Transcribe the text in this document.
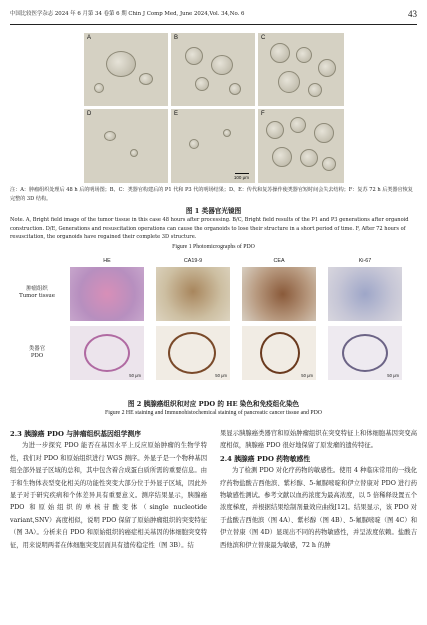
中国比较医学杂志 2024 年 6 月第 34 卷第 6 期 Chin J Comp Med, June 2024,Vol. 34,No. 6	43
A	B	C
D	E
100 μm
F
注：A：肿瘤组织处理后 48 h 后的明场图；B、C：类器官构建后的 P1 代和 P3 代的明场结果；D、E：传代和复苏操作使类器官短时间会失去结构；F：复苏 72 h 后类器官恢复完整的 3D 结构。
图 1 类器官光镜图
Note. A, Bright field image of the tumor tissue in this case 48 hours after processing. B/C, Bright field results of the P1 and P3 generations after organoid construction. D/E, Generations and resuscitation operations can cause the organoids to lose their structure in a short period of time. F, After 72 hours of resuscitation, the organoids have regained their complete 3D structure.
Figure 1 Photomicrographs of PDO
HE	CA19-9	CEA	Ki-67
肿瘤组织
Tumor tissue
类器官
PDO
50 μm	50 μm	50 μm	50 μm
图 2 胰腺癌组织和对应 PDO 的 HE 染色和免疫组化染色
Figure 2 HE staining and Immunohistochemical staining of pancreatic cancer tissue and PDO

2.3 胰腺癌 PDO 与肿瘤组织基因组学测序

为进一步探究 PDO 能否在基因水平上反应原始肿瘤的生物学特性，我们对 PDO 和原始组织进行 WGS 测序。外显子是一个物种基因组全部外显子区域的总和，其中包含着合成蛋白质所需的重要信息。由于和生物体表型变化相关的功能性突变大部分位于外显子区域，因此外显子对于研究疾病和个体差异具有重要意义。测序结果显示，胰腺癌 PDO 和原始组织的单核苷酸变体（single nucleotide variant,SNV）高度相似，说明 PDO 保留了原始肿瘤组织的突变特征（图 3A）。分析来自 PDO 和原始组织的癌症相关基因的体细胞突变特征，用来说明两者在体细胞突变层面具有遗传稳定性（图 3B）。结

果显示胰腺癌类器官和原始肿瘤组织在突变特征上和体细胞基因突变高度相似，胰腺癌 PDO 很好地保留了原发瘤的遗传特征。

2.4 胰腺癌 PDO 药物敏感性

为了检测 PDO 对化疗药物的敏感性。使用 4 种临床常用的一线化疗药物盐酸吉西他滨、紫杉醇、5-氟脲嘧啶和伊立替康对 PDO 进行药物敏感性测试。参考文献以血药浓度为最高浓度，以 5 倍稀释设置五个浓度梯度，并根据结果绘制剂量效应曲线[12]。结果显示，该 PDO 对于盐酸吉西他滨（图 4A）、紫杉醇（图 4B）、5-氟脲嘧啶（图 4C）和伊立替康（图 4D）显现出不同的药物敏感性，并呈浓度依赖。盐酸吉西他滨和伊立替康最为敏感，72 h 的肿
